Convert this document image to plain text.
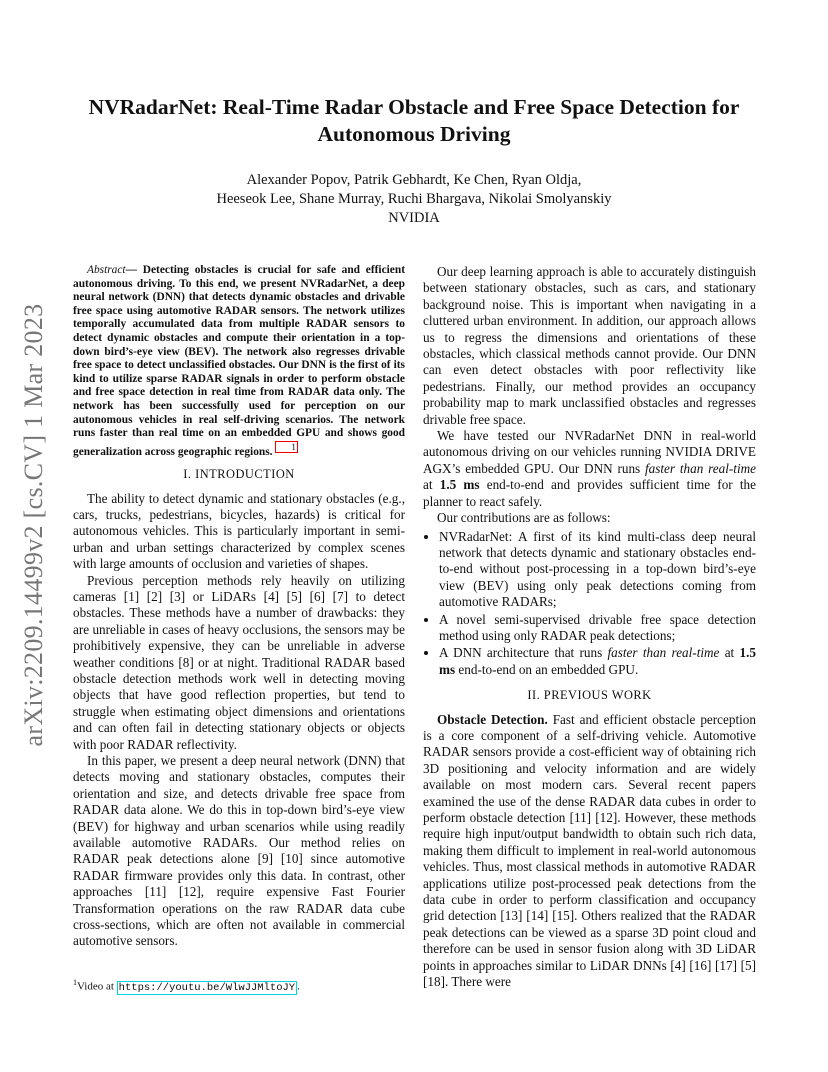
arXiv:2209.14499v2 [cs.CV] 1 Mar 2023
NVRadarNet: Real-Time Radar Obstacle and Free Space Detection for
Autonomous Driving
Alexander Popov, Patrik Gebhardt, Ke Chen, Ryan Oldja,
Heeseok Lee, Shane Murray, Ruchi Bhargava, Nikolai Smolyanskiy
NVIDIA

Abstract— Detecting obstacles is crucial for safe and efficient autonomous driving. To this end, we present NVRadarNet, a deep neural network (DNN) that detects dynamic obstacles and drivable free space using automotive RADAR sensors. The network utilizes temporally accumulated data from multiple RADAR sensors to detect dynamic obstacles and compute their orientation in a top-down bird’s-eye view (BEV). The network also regresses drivable free space to detect unclassified obstacles. Our DNN is the first of its kind to utilize sparse RADAR signals in order to perform obstacle and free space detection in real time from RADAR data only. The network has been successfully used for perception on our autonomous vehicles in real self-driving scenarios. The network runs faster than real time on an embedded GPU and shows good generalization across geographic regions. 1

I. INTRODUCTION

The ability to detect dynamic and stationary obstacles (e.g., cars, trucks, pedestrians, bicycles, hazards) is critical for autonomous vehicles. This is particularly important in semi-urban and urban settings characterized by complex scenes with large amounts of occlusion and varieties of shapes.

Previous perception methods rely heavily on utilizing cameras [1] [2] [3] or LiDARs [4] [5] [6] [7] to detect obstacles. These methods have a number of drawbacks: they are unreliable in cases of heavy occlusions, the sensors may be prohibitively expensive, they can be unreliable in adverse weather conditions [8] or at night. Traditional RADAR based obstacle detection methods work well in detecting moving objects that have good reflection properties, but tend to struggle when estimating object dimensions and orientations and can often fail in detecting stationary objects or objects with poor RADAR reflectivity.

In this paper, we present a deep neural network (DNN) that detects moving and stationary obstacles, computes their orientation and size, and detects drivable free space from RADAR data alone. We do this in top-down bird’s-eye view (BEV) for highway and urban scenarios while using readily available automotive RADARs. Our method relies on RADAR peak detections alone [9] [10] since automotive RADAR firmware provides only this data. In contrast, other approaches [11] [12], require expensive Fast Fourier Transformation operations on the raw RADAR data cube cross-sections, which are often not available in commercial automotive sensors.

$^1$Video at https://youtu.be/WlwJJMltoJY .

Our deep learning approach is able to accurately distinguish between stationary obstacles, such as cars, and stationary background noise. This is important when navigating in a cluttered urban environment. In addition, our approach allows us to regress the dimensions and orientations of these obstacles, which classical methods cannot provide. Our DNN can even detect obstacles with poor reflectivity like pedestrians. Finally, our method provides an occupancy probability map to mark unclassified obstacles and regresses drivable free space.

We have tested our NVRadarNet DNN in real-world autonomous driving on our vehicles running NVIDIA DRIVE AGX’s embedded GPU. Our DNN runs faster than real-time at 1.5 ms end-to-end and provides sufficient time for the planner to react safely.

Our contributions are as follows:

• NVRadarNet: A first of its kind multi-class deep neural network that detects dynamic and stationary obstacles end-to-end without post-processing in a top-down bird’s-eye view (BEV) using only peak detections coming from automotive RADARs;
• A novel semi-supervised drivable free space detection method using only RADAR peak detections;
• A DNN architecture that runs faster than real-time at 1.5 ms end-to-end on an embedded GPU.
II. PREVIOUS WORK

Obstacle Detection. Fast and efficient obstacle perception is a core component of a self-driving vehicle. Automotive RADAR sensors provide a cost-efficient way of obtaining rich 3D positioning and velocity information and are widely available on most modern cars. Several recent papers examined the use of the dense RADAR data cubes in order to perform obstacle detection [11] [12]. However, these methods require high input/output bandwidth to obtain such rich data, making them difficult to implement in real-world autonomous vehicles. Thus, most classical methods in automotive RADAR applications utilize post-processed peak detections from the data cube in order to perform classification and occupancy grid detection [13] [14] [15]. Others realized that the RADAR peak detections can be viewed as a sparse 3D point cloud and therefore can be used in sensor fusion along with 3D LiDAR points in approaches similar to LiDAR DNNs [4] [16] [17] [5] [18]. There were
